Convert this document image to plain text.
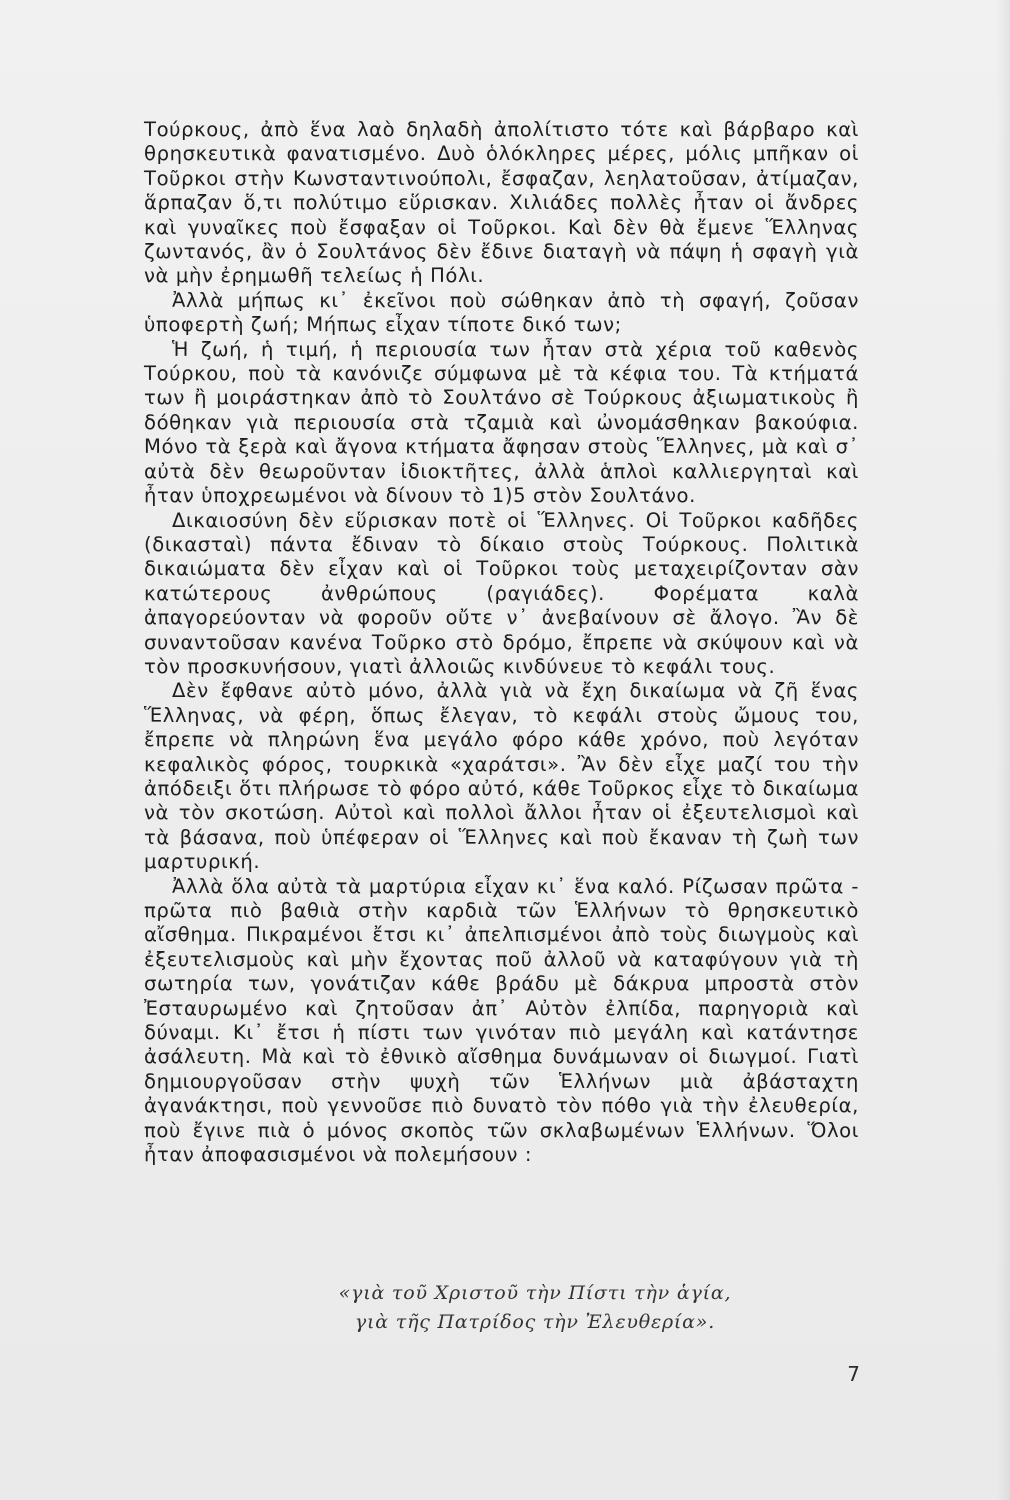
Τούρκους, ἀπὸ ἕνα λαὸ δηλαδὴ ἀπολίτιστο τότε καὶ βάρβαρο καὶ θρησκευτικὰ φανατισμένο. Δυὸ ὁλόκληρες μέρες, μόλις μπῆκαν οἱ Τοῦρκοι στὴν Κωνσταντινούπολι, ἔσφαζαν, λεηλατοῦσαν, ἀτίμαζαν, ἅρπαζαν ὅ,τι πολύτιμο εὕρισκαν. Χιλιάδες πολλὲς ἦταν οἱ ἄνδρες καὶ γυναῖκες ποὺ ἔσφαξαν οἱ Τοῦρκοι. Καὶ δὲν θὰ ἔμενε Ἕλληνας ζωντανός, ἂν ὁ Σουλτάνος δὲν ἔδινε διαταγὴ νὰ πάψη ἡ σφαγὴ γιὰ νὰ μὴν ἐρημωθῆ τελείως ἡ Πόλι.

Ἀλλὰ μήπως κι᾿ ἐκεῖνοι ποὺ σώθηκαν ἀπὸ τὴ σφαγή, ζοῦσαν ὑποφερτὴ ζωή; Μήπως εἶχαν τίποτε δικό των;

Ἡ ζωή, ἡ τιμή, ἡ περιουσία των ἦταν στὰ χέρια τοῦ καθενὸς Τούρκου, ποὺ τὰ κανόνιζε σύμφωνα μὲ τὰ κέφια του. Τὰ κτήματά των ἢ μοιράστηκαν ἀπὸ τὸ Σουλτάνο σὲ Τούρκους ἀξιωματικοὺς ἢ δόθηκαν γιὰ περιουσία στὰ τζαμιὰ καὶ ὠνομάσθηκαν βακούφια. Μόνο τὰ ξερὰ καὶ ἄγονα κτήματα ἄφησαν στοὺς Ἕλληνες, μὰ καὶ σ᾿ αὐτὰ δὲν θεωροῦνταν ἰδιοκτῆτες, ἀλλὰ ἁπλοὶ καλλιεργηταὶ καὶ ἦταν ὑποχρεωμένοι νὰ δίνουν τὸ 1)5 στὸν Σουλτάνο.

Δικαιοσύνη δὲν εὕρισκαν ποτὲ οἱ Ἕλληνες. Οἱ Τοῦρκοι καδῆδες (δικασταὶ) πάντα ἔδιναν τὸ δίκαιο στοὺς Τούρκους. Πολιτικὰ δικαιώματα δὲν εἶχαν καὶ οἱ Τοῦρκοι τοὺς μεταχειρίζονταν σὰν κατώτερους ἀνθρώπους (ραγιάδες). Φορέματα καλὰ ἀπαγορεύονταν νὰ φοροῦν οὔτε ν᾿ ἀνεβαίνουν σὲ ἄλογο. Ἂν δὲ συναντοῦσαν κανένα Τοῦρκο στὸ δρόμο, ἔπρεπε νὰ σκύψουν καὶ νὰ τὸν προσκυνήσουν, γιατὶ ἀλλοιῶς κινδύνευε τὸ κεφάλι τους.

Δὲν ἔφθανε αὐτὸ μόνο, ἀλλὰ γιὰ νὰ ἔχη δικαίωμα νὰ ζῆ ἕνας Ἕλληνας, νὰ φέρη, ὅπως ἔλεγαν, τὸ κεφάλι στοὺς ὤμους του, ἔπρεπε νὰ πληρώνη ἕνα μεγάλο φόρο κάθε χρόνο, ποὺ λεγόταν κεφαλικὸς φόρος, τουρκικὰ «χαράτσι». Ἂν δὲν εἶχε μαζί του τὴν ἀπόδειξι ὅτι πλήρωσε τὸ φόρο αὐτό, κάθε Τοῦρκος εἶχε τὸ δικαίωμα νὰ τὸν σκοτώση. Αὐτοὶ καὶ πολλοὶ ἄλλοι ἦταν οἱ ἐξευτελισμοὶ καὶ τὰ βάσανα, ποὺ ὑπέφεραν οἱ Ἕλληνες καὶ ποὺ ἔκαναν τὴ ζωὴ των μαρτυρική.

Ἀλλὰ ὅλα αὐτὰ τὰ μαρτύρια εἶχαν κι᾿ ἕνα καλό. Ρίζωσαν πρῶτα - πρῶτα πιὸ βαθιὰ στὴν καρδιὰ τῶν Ἑλλήνων τὸ θρησκευτικὸ αἴσθημα. Πικραμένοι ἔτσι κι᾿ ἀπελπισμένοι ἀπὸ τοὺς διωγμοὺς καὶ ἐξευτελισμοὺς καὶ μὴν ἔχοντας ποῦ ἀλλοῦ νὰ καταφύγουν γιὰ τὴ σωτηρία των, γονάτιζαν κάθε βράδυ μὲ δάκρυα μπροστὰ στὸν Ἐσταυρωμένο καὶ ζητοῦσαν ἀπ᾿ Αὐτὸν ἐλπίδα, παρηγοριὰ καὶ δύναμι. Κι᾿ ἔτσι ἡ πίστι των γινόταν πιὸ μεγάλη καὶ κατάντησε ἀσάλευτη. Μὰ καὶ τὸ ἐθνικὸ αἴσθημα δυνάμωναν οἱ διωγμοί. Γιατὶ δημιουργοῦσαν στὴν ψυχὴ τῶν Ἑλλήνων μιὰ ἀβάσταχτη ἀγανάκτησι, ποὺ γεννοῦσε πιὸ δυνατὸ τὸν πόθο γιὰ τὴν ἐλευθερία, ποὺ ἔγινε πιὰ ὁ μόνος σκοπὸς τῶν σκλαβωμένων Ἑλλήνων. Ὅλοι ἦταν ἀποφασισμένοι νὰ πολεμήσουν :

«γιὰ τοῦ Χριστοῦ τὴν Πίστι τὴν ἁγία,
γιὰ τῆς Πατρίδος τὴν Ἐλευθερία».
7
